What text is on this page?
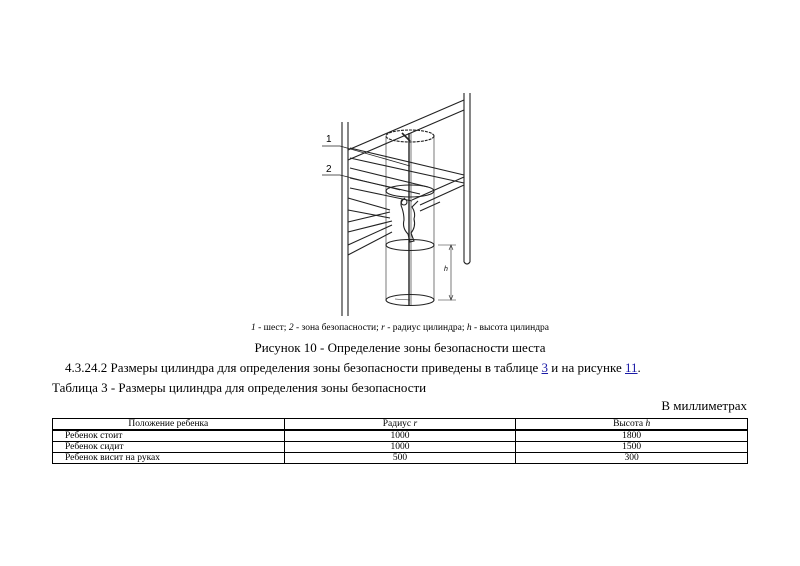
1
2
h
1 - шест; 2 - зона безопасности; r - радиус цилиндра; h - высота цилиндра
Рисунок 10 - Определение зоны безопасности шеста
4.3.24.2 Размеры цилиндра для определения зоны безопасности приведены в таблице 3 и на рисунке 11.
Таблица 3 - Размеры цилиндра для определения зоны безопасности
В миллиметрах
Положение ребенка	Радиус r	Высота h
Ребенок стоит	1000	1800
Ребенок сидит	1000	1500
Ребенок висит на руках	500	300
